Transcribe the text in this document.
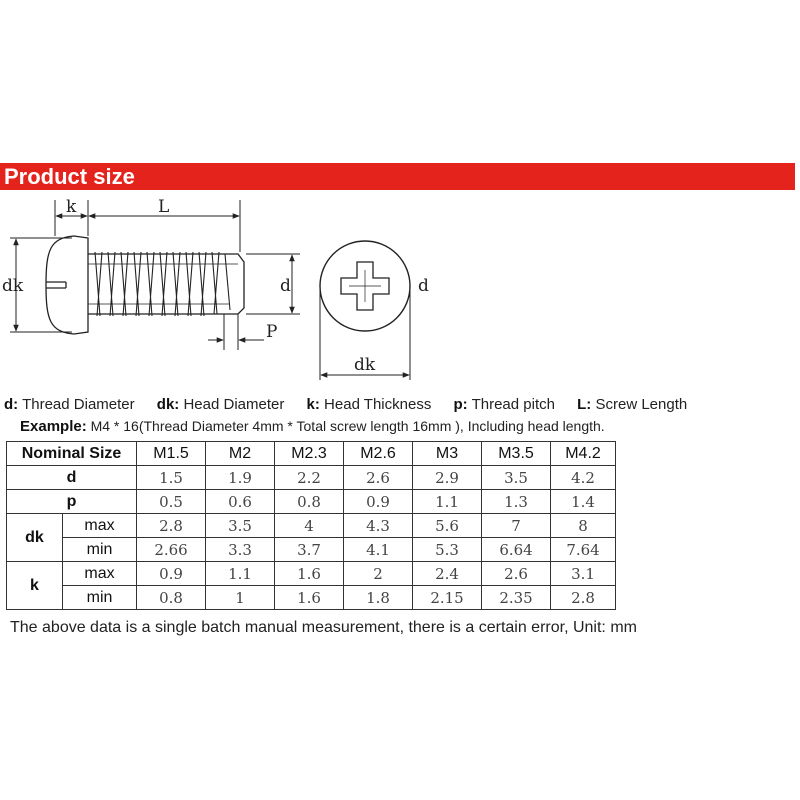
Product size
k	L
dk	d
P
d
dk
d: Thread Diameter dk: Head Diameter k: Head Thickness p: Thread pitch L: Screw Length
Example: M4 * 16(Thread Diameter 4mm * Total screw length 16mm ), Including head length.
Nominal Size		M1.5	M2	M2.3	M2.6	M3	M3.5	M4.2
d		1.5	1.9	2.2	2.6	2.9	3.5	4.2
p		0.5	0.6	0.8	0.9	1.1	1.3	1.4
dk	max	2.8	3.5	4	4.3	5.6	7	8
	min	2.66	3.3	3.7	4.1	5.3	6.64	7.64
k	max	0.9	1.1	1.6	2	2.4	2.6	3.1
	min	0.8	1	1.6	1.8	2.15	2.35	2.8
The above data is a single batch manual measurement, there is a certain error, Unit: mm
